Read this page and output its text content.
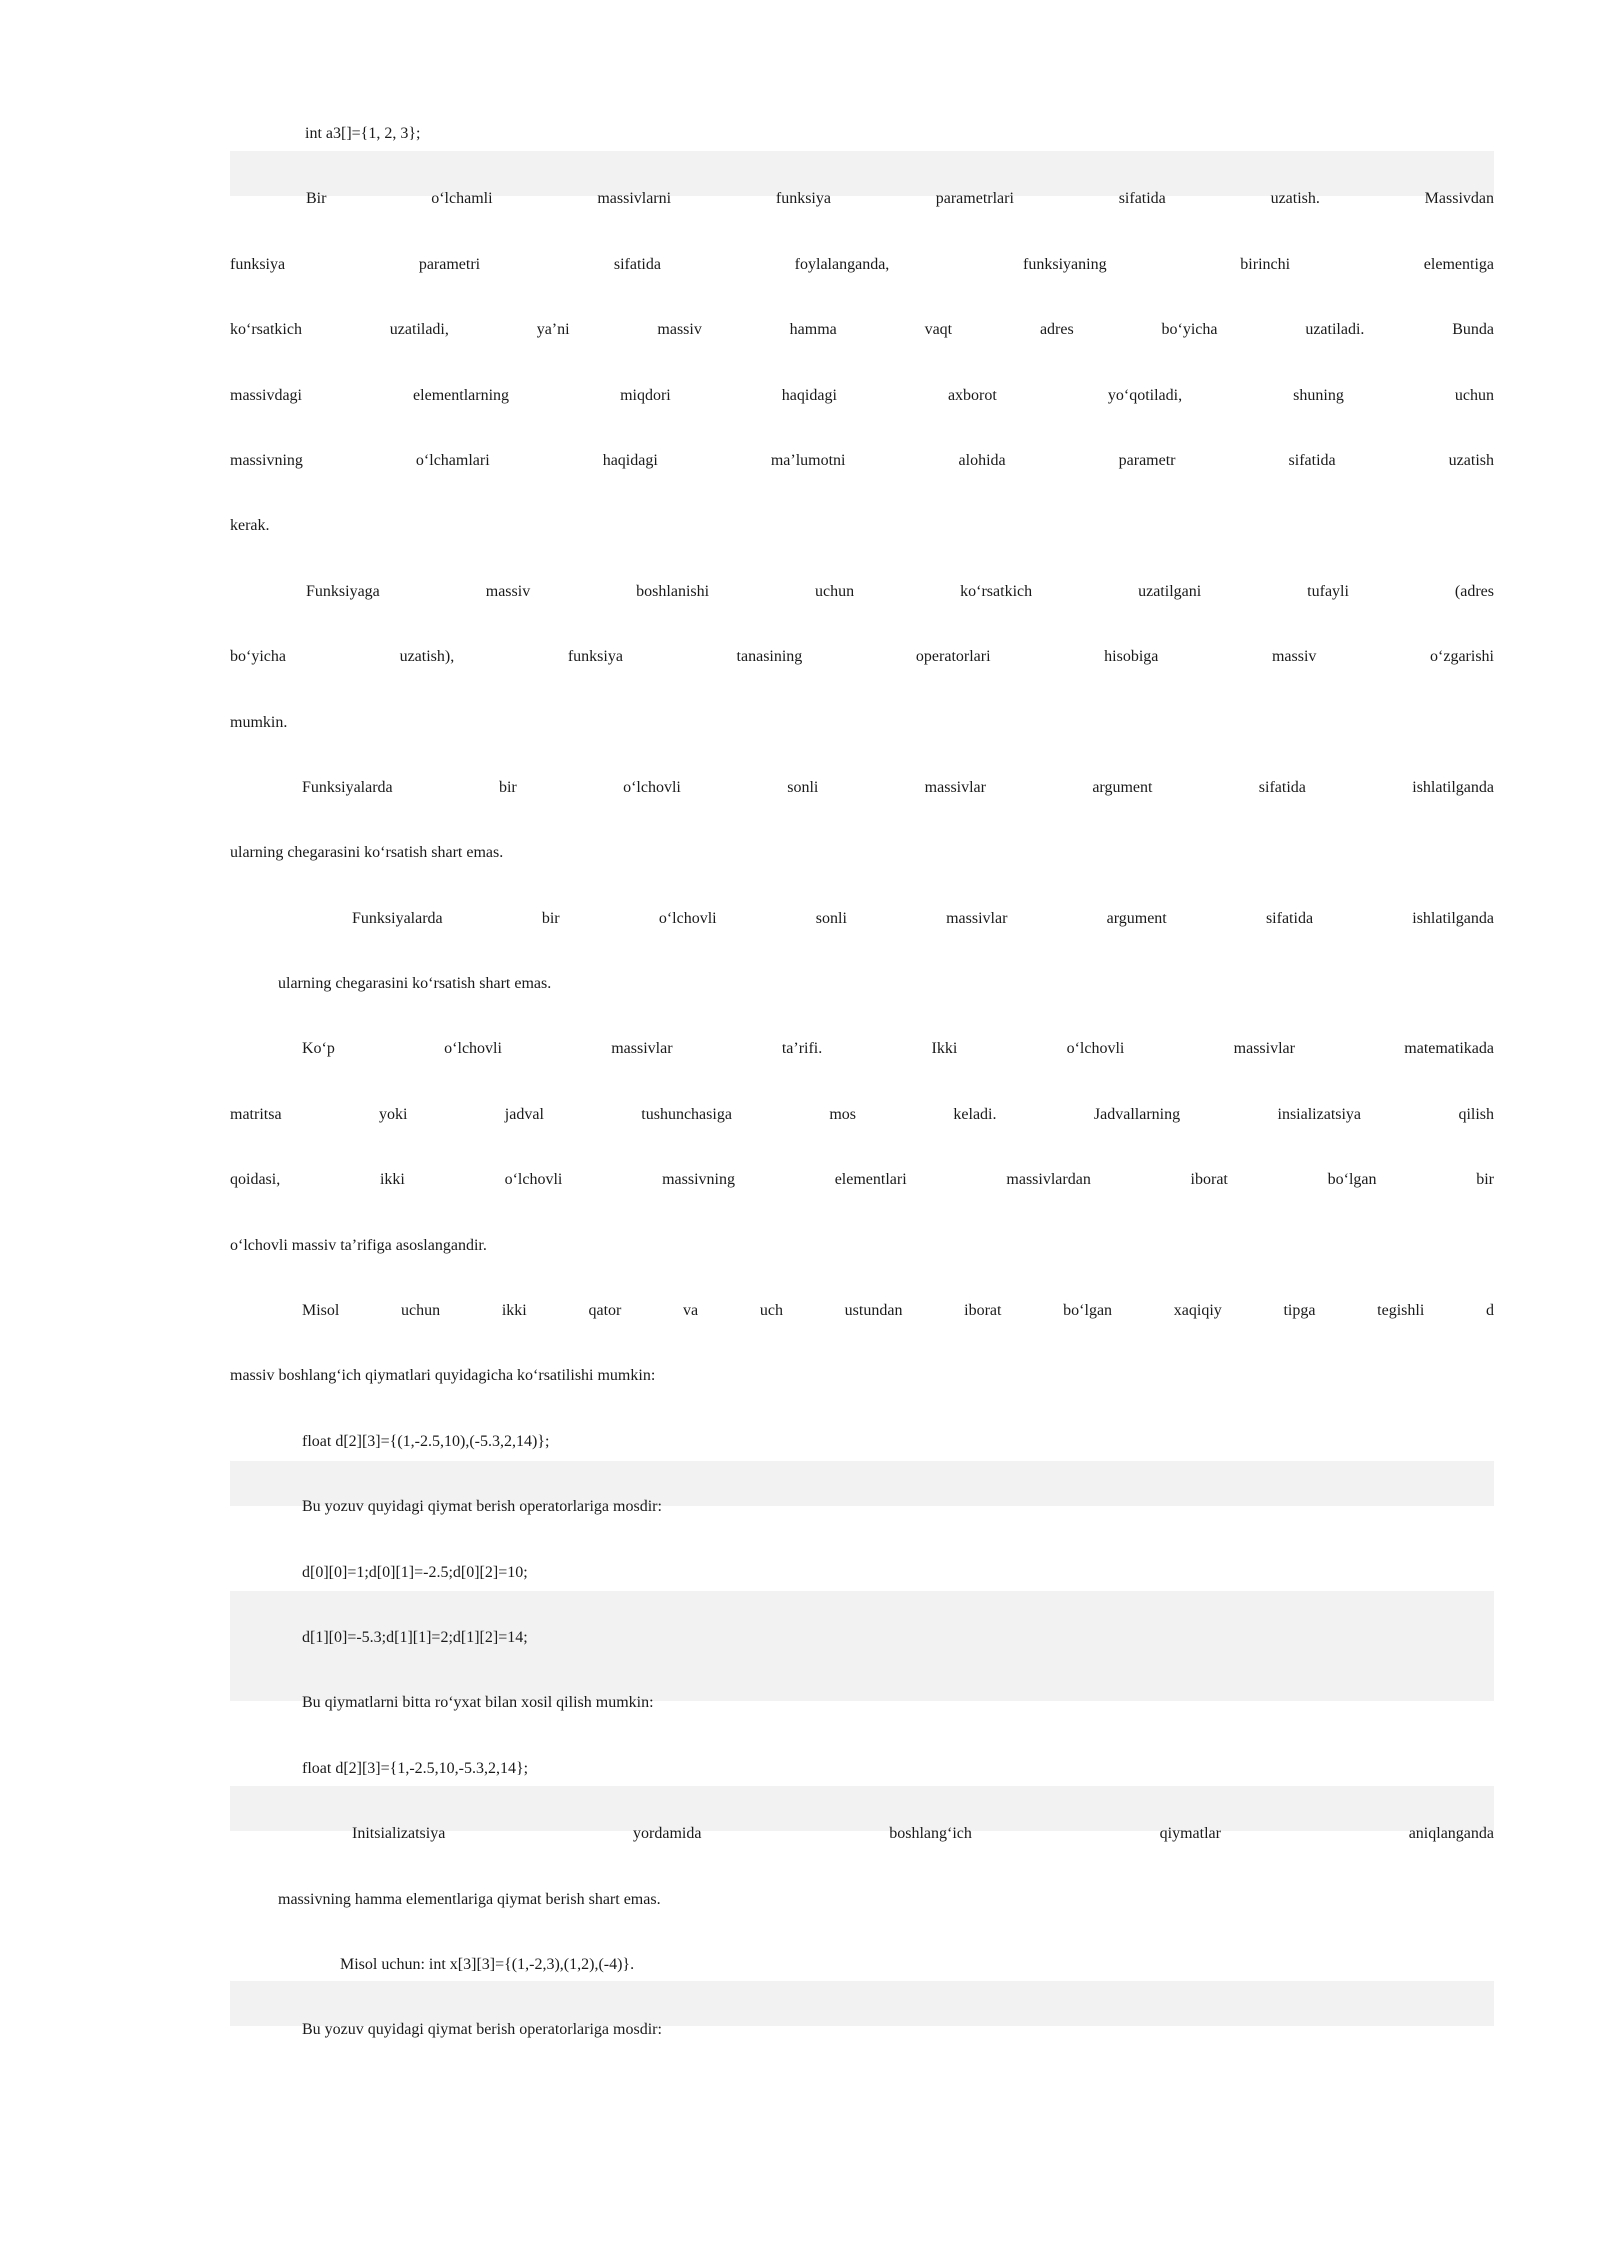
int a3[]={1, 2, 3};
Bir o‘lchamli massivlarni funksiya parametrlari sifatida uzatish. Massivdan
funksiya parametri sifatida foylalanganda, funksiyaning birinchi elementiga
ko‘rsatkich uzatiladi, ya’ni massiv hamma vaqt adres bo‘yicha uzatiladi. Bunda
massivdagi elementlarning miqdori haqidagi axborot yo‘qotiladi, shuning uchun
massivning o‘lchamlari haqidagi ma’lumotni alohida parametr sifatida uzatish
kerak.
Funksiyaga massiv boshlanishi uchun ko‘rsatkich uzatilgani tufayli (adres
bo‘yicha uzatish), funksiya tanasining operatorlari hisobiga massiv o‘zgarishi
mumkin.
Funksiyalarda bir o‘lchovli sonli massivlar argument sifatida ishlatilganda
ularning chegarasini ko‘rsatish shart emas.
Funksiyalarda bir o‘lchovli sonli massivlar argument sifatida ishlatilganda
ularning chegarasini ko‘rsatish shart emas.
Ko‘p o‘lchovli massivlar ta’rifi. Ikki o‘lchovli massivlar matematikada
matritsa yoki jadval tushunchasiga mos keladi. Jadvallarning insializatsiya qilish
qoidasi, ikki o‘lchovli massivning elementlari massivlardan iborat bo‘lgan bir
o‘lchovli massiv ta’rifiga asoslangandir.
Misol uchun ikki qator va uch ustundan iborat bo‘lgan xaqiqiy tipga tegishli d
massiv boshlang‘ich qiymatlari quyidagicha ko‘rsatilishi mumkin:
float d[2][3]={(1,-2.5,10),(-5.3,2,14)};
Bu yozuv quyidagi qiymat berish operatorlariga mosdir:
d[0][0]=1;d[0][1]=-2.5;d[0][2]=10;
d[1][0]=-5.3;d[1][1]=2;d[1][2]=14;
Bu qiymatlarni bitta ro‘yxat bilan xosil qilish mumkin:
float d[2][3]={1,-2.5,10,-5.3,2,14};
Initsializatsiya yordamida boshlang‘ich qiymatlar aniqlanganda
massivning hamma elementlariga qiymat berish shart emas.
Misol uchun: int x[3][3]={(1,-2,3),(1,2),(-4)}.
Bu yozuv quyidagi qiymat berish operatorlariga mosdir:
